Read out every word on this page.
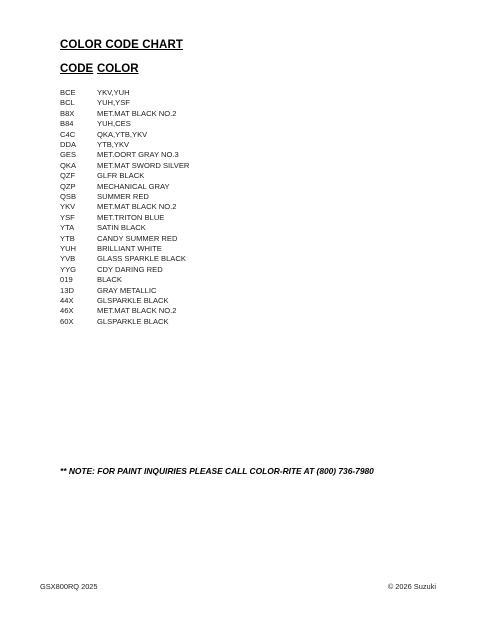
COLOR CODE CHART
CODE COLOR
BCE	YKV,YUH
BCL	YUH,YSF
B8X	MET.MAT BLACK NO.2
B84	YUH,CES
C4C	QKA,YTB,YKV
DDA	YTB,YKV
GES	MET.OORT GRAY NO.3
QKA	MET.MAT SWORD SILVER
QZF	GLFR BLACK
QZP	MECHANICAL GRAY
QSB	SUMMER RED
YKV	MET.MAT BLACK NO.2
YSF	MET.TRITON BLUE
YTA	SATIN BLACK
YTB	CANDY SUMMER RED
YUH	BRILLIANT WHITE
YVB	GLASS SPARKLE BLACK
YYG	CDY DARING RED
019	BLACK
13D	GRAY METALLIC
44X	GLSPARKLE BLACK
46X	MET.MAT BLACK NO.2
60X	GLSPARKLE BLACK
** NOTE: FOR PAINT INQUIRIES PLEASE CALL COLOR-RITE AT (800) 736-7980
GSX800RQ 2025	© 2026 Suzuki
